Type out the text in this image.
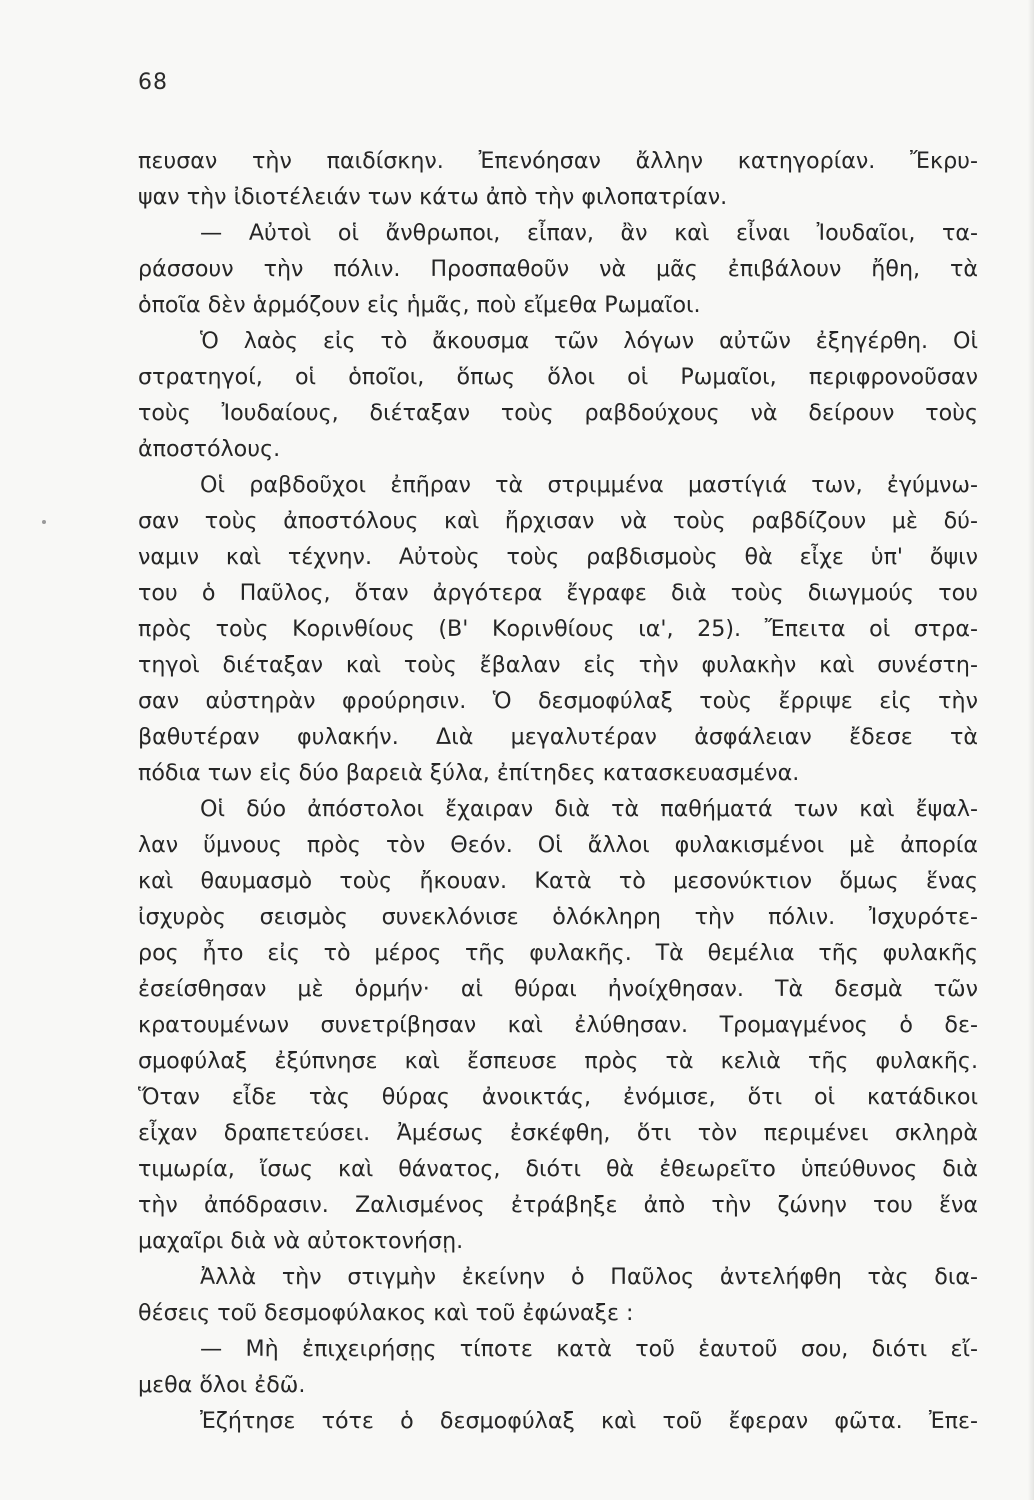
68
πευσαν τὴν παιδίσκην. Ἐπενόησαν ἄλλην κατηγορίαν. Ἔκρυ-
ψαν τὴν ἰδιοτέλειάν των κάτω ἀπὸ τὴν φιλοπατρίαν.
— Αὐτοὶ οἱ ἄνθρωποι, εἶπαν, ἂν καὶ εἶναι Ἰουδαῖοι, τα-
ράσσουν τὴν πόλιν. Προσπαθοῦν νὰ μᾶς ἐπιβάλουν ἤθη, τὰ
ὁποῖα δὲν ἁρμόζουν εἰς ἡμᾶς, ποὺ εἴμεθα Ρωμαῖοι.
Ὁ λαὸς εἰς τὸ ἄκουσμα τῶν λόγων αὐτῶν ἐξηγέρθη. Οἱ
στρατηγοί, οἱ ὁποῖοι, ὅπως ὅλοι οἱ Ρωμαῖοι, περιφρονοῦσαν
τοὺς Ἰουδαίους, διέταξαν τοὺς ραβδούχους νὰ δείρουν τοὺς
ἀποστόλους.
Οἱ ραβδοῦχοι ἐπῆραν τὰ στριμμένα μαστίγιά των, ἐγύμνω-
σαν τοὺς ἀποστόλους καὶ ἤρχισαν νὰ τοὺς ραβδίζουν μὲ δύ-
ναμιν καὶ τέχνην. Αὐτοὺς τοὺς ραβδισμοὺς θὰ εἶχε ὑπ' ὄψιν
του ὁ Παῦλος, ὅταν ἀργότερα ἔγραφε διὰ τοὺς διωγμούς του
πρὸς τοὺς Κορινθίους (Β' Κορινθίους ια', 25). Ἔπειτα οἱ στρα-
τηγοὶ διέταξαν καὶ τοὺς ἔβαλαν εἰς τὴν φυλακὴν καὶ συνέστη-
σαν αὐστηρὰν φρούρησιν. Ὁ δεσμοφύλαξ τοὺς ἔρριψε εἰς τὴν
βαθυτέραν φυλακήν. Διὰ μεγαλυτέραν ἀσφάλειαν ἔδεσε τὰ
πόδια των εἰς δύο βαρειὰ ξύλα, ἐπίτηδες κατασκευασμένα.
Οἱ δύο ἀπόστολοι ἔχαιραν διὰ τὰ παθήματά των καὶ ἔψαλ-
λαν ὕμνους πρὸς τὸν Θεόν. Οἱ ἄλλοι φυλακισμένοι μὲ ἀπορία
καὶ θαυμασμὸ τοὺς ἤκουαν. Κατὰ τὸ μεσονύκτιον ὅμως ἕνας
ἰσχυρὸς σεισμὸς συνεκλόνισε ὁλόκληρη τὴν πόλιν. Ἰσχυρότε-
ρος ἦτο εἰς τὸ μέρος τῆς φυλακῆς. Τὰ θεμέλια τῆς φυλακῆς
ἐσείσθησαν μὲ ὁρμήν· αἱ θύραι ἠνοίχθησαν. Τὰ δεσμὰ τῶν
κρατουμένων συνετρίβησαν καὶ ἐλύθησαν. Τρομαγμένος ὁ δε-
σμοφύλαξ ἐξύπνησε καὶ ἔσπευσε πρὸς τὰ κελιὰ τῆς φυλακῆς.
Ὅταν εἶδε τὰς θύρας ἀνοικτάς, ἐνόμισε, ὅτι οἱ κατάδικοι
εἶχαν δραπετεύσει. Ἀμέσως ἐσκέφθη, ὅτι τὸν περιμένει σκληρὰ
τιμωρία, ἴσως καὶ θάνατος, διότι θὰ ἐθεωρεῖτο ὑπεύθυνος διὰ
τὴν ἀπόδρασιν. Ζαλισμένος ἐτράβηξε ἀπὸ τὴν ζώνην του ἕνα
μαχαῖρι διὰ νὰ αὐτοκτονήσῃ.
Ἀλλὰ τὴν στιγμὴν ἐκείνην ὁ Παῦλος ἀντελήφθη τὰς δια-
θέσεις τοῦ δεσμοφύλακος καὶ τοῦ ἐφώναξε :
— Μὴ ἐπιχειρήσῃς τίποτε κατὰ τοῦ ἑαυτοῦ σου, διότι εἴ-
μεθα ὅλοι ἐδῶ.
Ἐζήτησε τότε ὁ δεσμοφύλαξ καὶ τοῦ ἔφεραν φῶτα. Ἐπε-
